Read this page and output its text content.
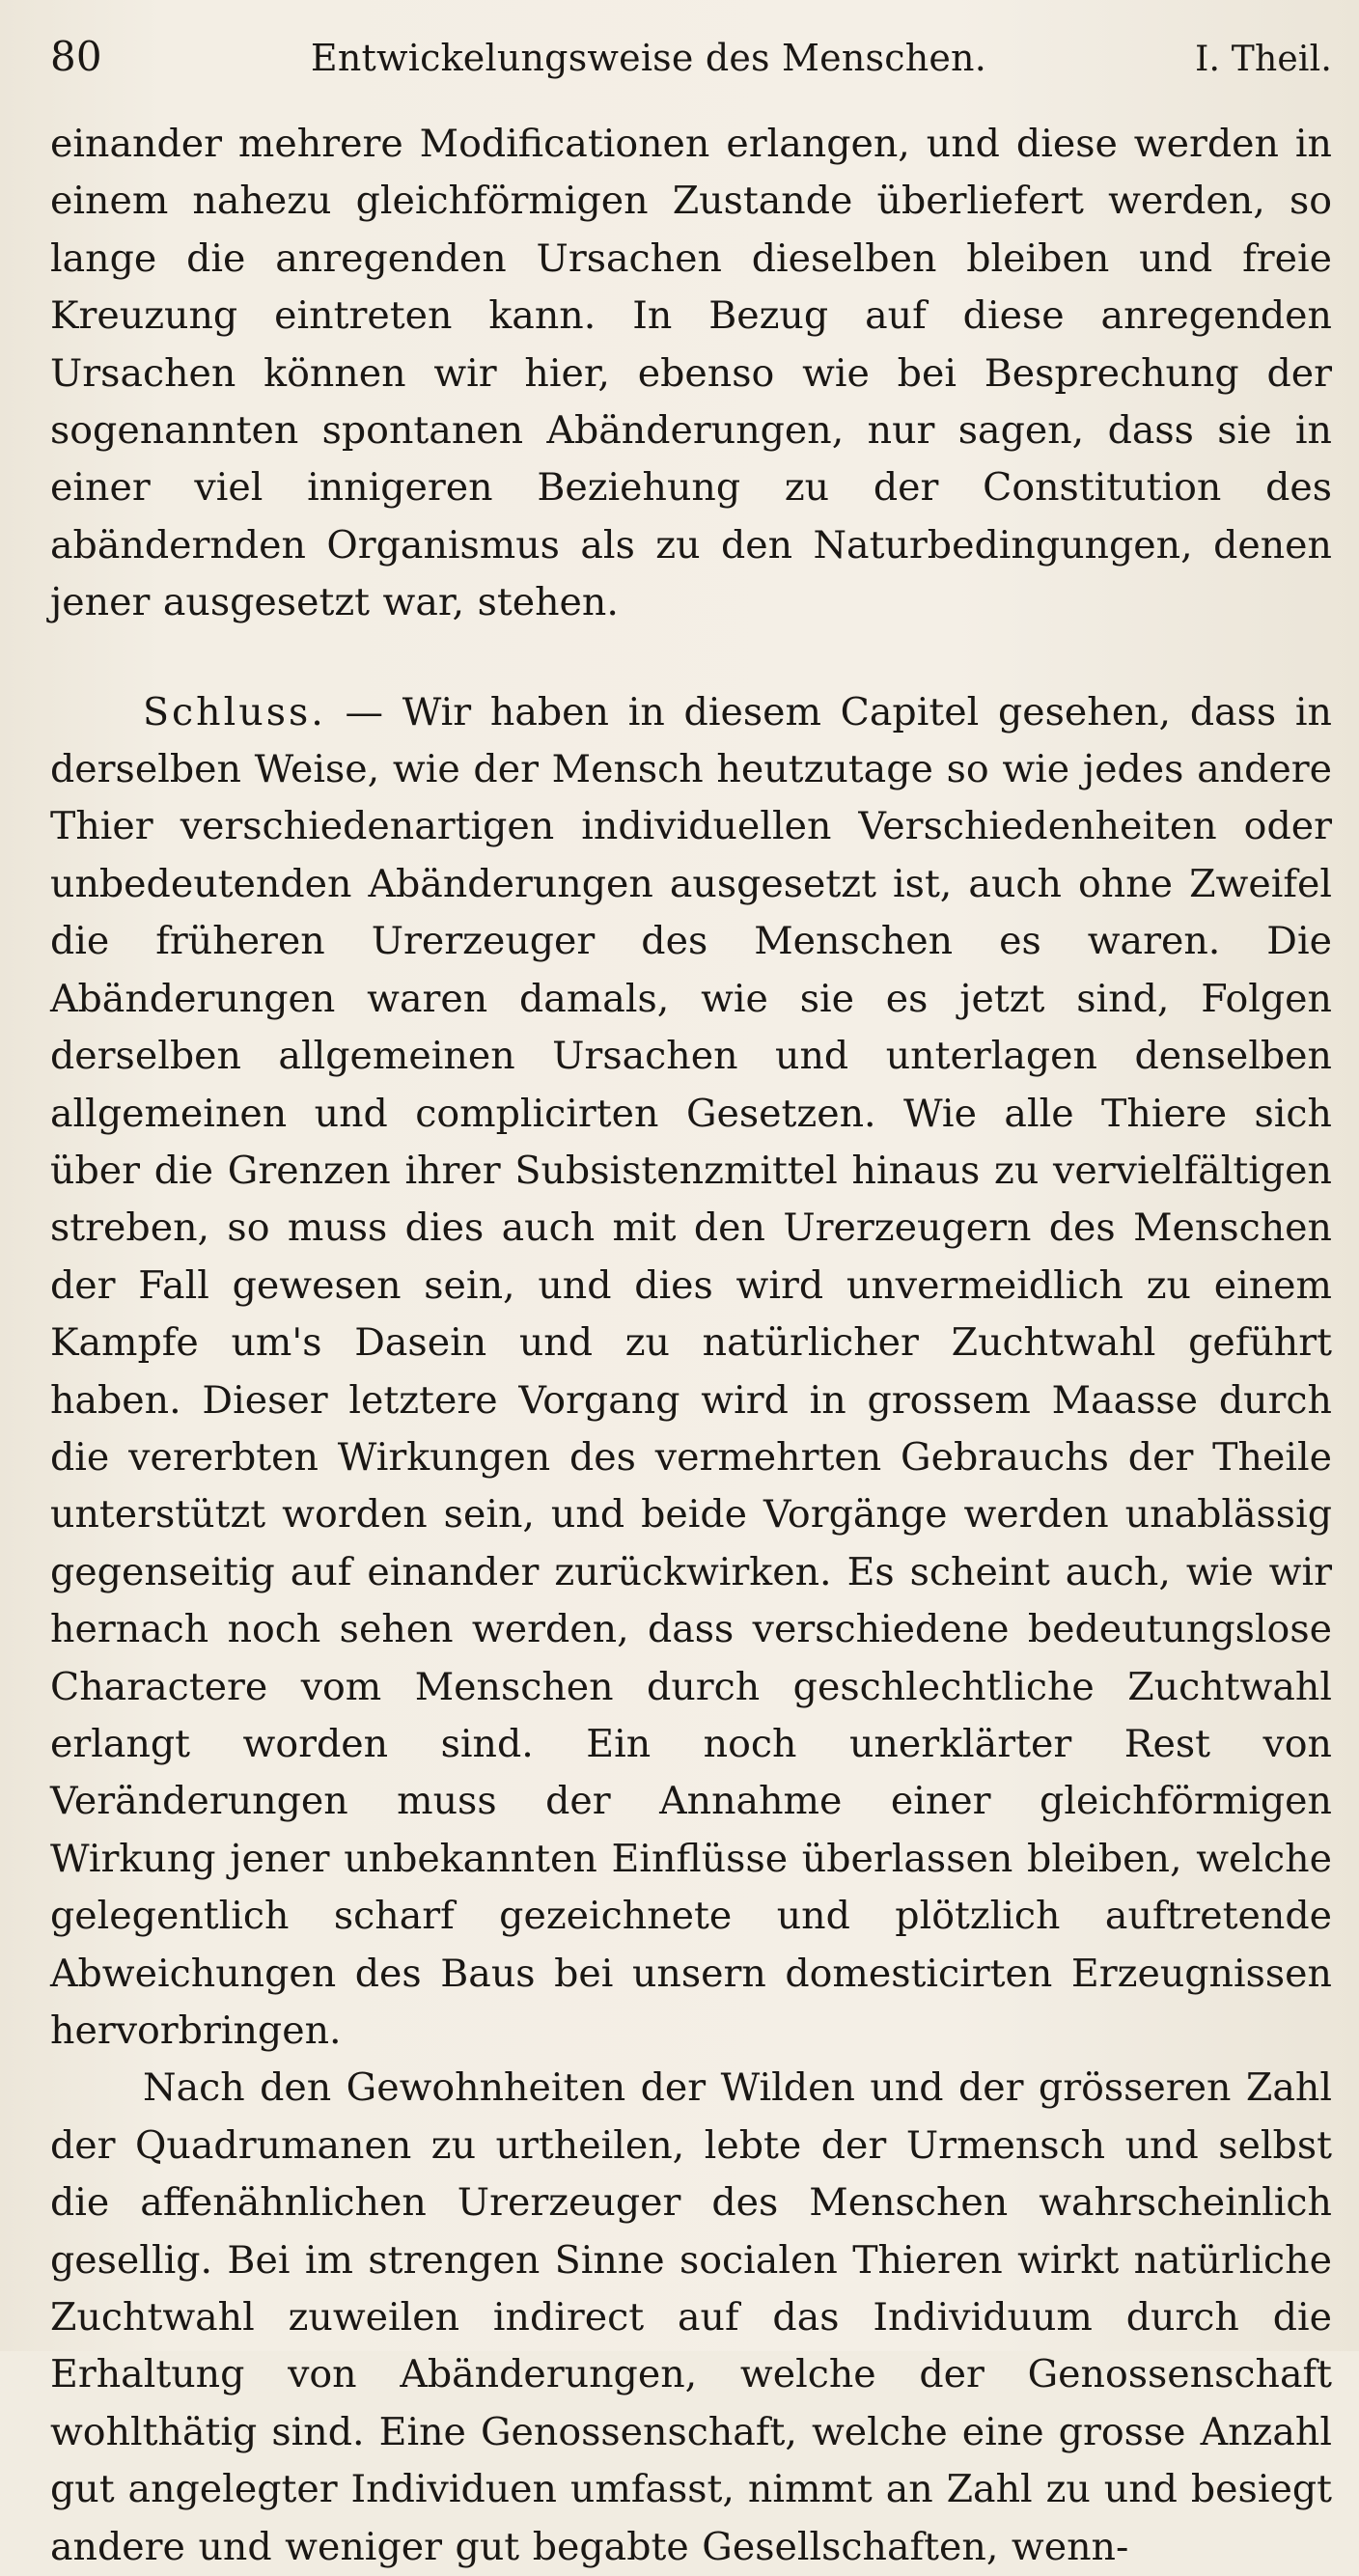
80	Entwickelungsweise des Menschen.	I. Theil.

einander mehrere Modificationen erlangen, und diese werden in einem nahezu gleichförmigen Zustande überliefert werden, so lange die anregenden Ursachen dieselben bleiben und freie Kreuzung eintreten kann. In Bezug auf diese anregenden Ursachen können wir hier, ebenso wie bei Besprechung der sogenannten spontanen Abänderungen, nur sagen, dass sie in einer viel innigeren Beziehung zu der Constitution des abändernden Organismus als zu den Naturbedingungen, denen jener ausgesetzt war, stehen.

Schluss. — Wir haben in diesem Capitel gesehen, dass in derselben Weise, wie der Mensch heutzutage so wie jedes andere Thier verschiedenartigen individuellen Verschiedenheiten oder unbedeutenden Abänderungen ausgesetzt ist, auch ohne Zweifel die früheren Urerzeuger des Menschen es waren. Die Abänderungen waren damals, wie sie es jetzt sind, Folgen derselben allgemeinen Ursachen und unterlagen denselben allgemeinen und complicirten Gesetzen. Wie alle Thiere sich über die Grenzen ihrer Subsistenzmittel hinaus zu vervielfältigen streben, so muss dies auch mit den Urerzeugern des Menschen der Fall gewesen sein, und dies wird unvermeidlich zu einem Kampfe um's Dasein und zu natürlicher Zuchtwahl geführt haben. Dieser letztere Vorgang wird in grossem Maasse durch die vererbten Wirkungen des vermehrten Gebrauchs der Theile unterstützt worden sein, und beide Vorgänge werden unablässig gegenseitig auf einander zurückwirken. Es scheint auch, wie wir hernach noch sehen werden, dass verschiedene bedeutungslose Charactere vom Menschen durch geschlechtliche Zuchtwahl erlangt worden sind. Ein noch unerklärter Rest von Veränderungen muss der Annahme einer gleichförmigen Wirkung jener unbekannten Einflüsse überlassen bleiben, welche gelegentlich scharf gezeichnete und plötzlich auftretende Abweichungen des Baus bei unsern domesticirten Erzeugnissen hervorbringen.

Nach den Gewohnheiten der Wilden und der grösseren Zahl der Quadrumanen zu urtheilen, lebte der Urmensch und selbst die affenähnlichen Urerzeuger des Menschen wahrscheinlich gesellig. Bei im strengen Sinne socialen Thieren wirkt natürliche Zuchtwahl zuweilen indirect auf das Individuum durch die Erhaltung von Abänderungen, welche der Genossenschaft wohlthätig sind. Eine Genossenschaft, welche eine grosse Anzahl gut angelegter Individuen umfasst, nimmt an Zahl zu und besiegt andere und weniger gut begabte Gesellschaften, wenn-
